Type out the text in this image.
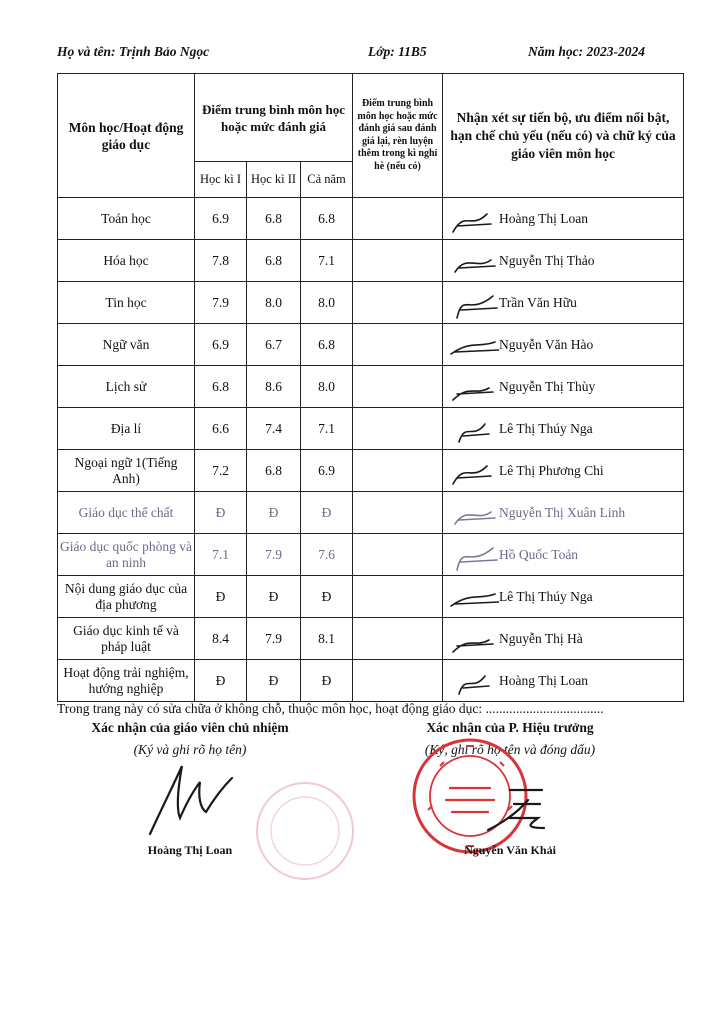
Họ và tên: Trịnh Bảo Ngọc	Lớp: 11B5	Năm học: 2023-2024
Môn học/Hoạt động giáo dục	Điểm trung bình môn học hoặc mức đánh giá			Điểm trung bình môn học hoặc mức đánh giá sau đánh giá lại, rèn luyện thêm trong kì nghỉ hè (nếu có)	Nhận xét sự tiến bộ, ưu điểm nổi bật, hạn chế chủ yếu (nếu có) và chữ ký của giáo viên môn học
	Học kì I	Học kì II	Cả năm		
Toán học	6.9	6.8	6.8		Hoàng Thị Loan

Hóa học	7.8	6.8	7.1		Nguyễn Thị Thảo

Tin học	7.9	8.0	8.0		Trần Văn Hữu

Ngữ văn	6.9	6.7	6.8		Nguyễn Văn Hào

Lịch sử	6.8	8.6	8.0		Nguyễn Thị Thùy

Địa lí	6.6	7.4	7.1		Lê Thị Thúy Nga

Ngoại ngữ 1(Tiếng Anh)	7.2	6.8	6.9		Lê Thị Phương Chi

Giáo dục thể chất	Đ	Đ	Đ		Nguyễn Thị Xuân Linh

Giáo dục quốc phòng và an ninh	7.1	7.9	7.6		Hồ Quốc Toản

Nội dung giáo dục của địa phương	Đ	Đ	Đ		Lê Thị Thúy Nga

Giáo dục kinh tế và pháp luật	8.4	7.9	8.1		Nguyễn Thị Hà

Hoạt động trải nghiệm, hướng nghiệp	Đ	Đ	Đ		Hoàng Thị Loan
Trong trang này có sửa chữa ở không chỗ, thuộc môn học, hoạt động giáo dục: ...................................
Xác nhận của giáo viên chủ nhiệm
(Ký và ghi rõ họ tên)
Hoàng Thị Loan
Xác nhận của P. Hiệu trưởng
(Ký, ghi rõ họ tên và đóng dấu)
Nguyễn Văn Khải
